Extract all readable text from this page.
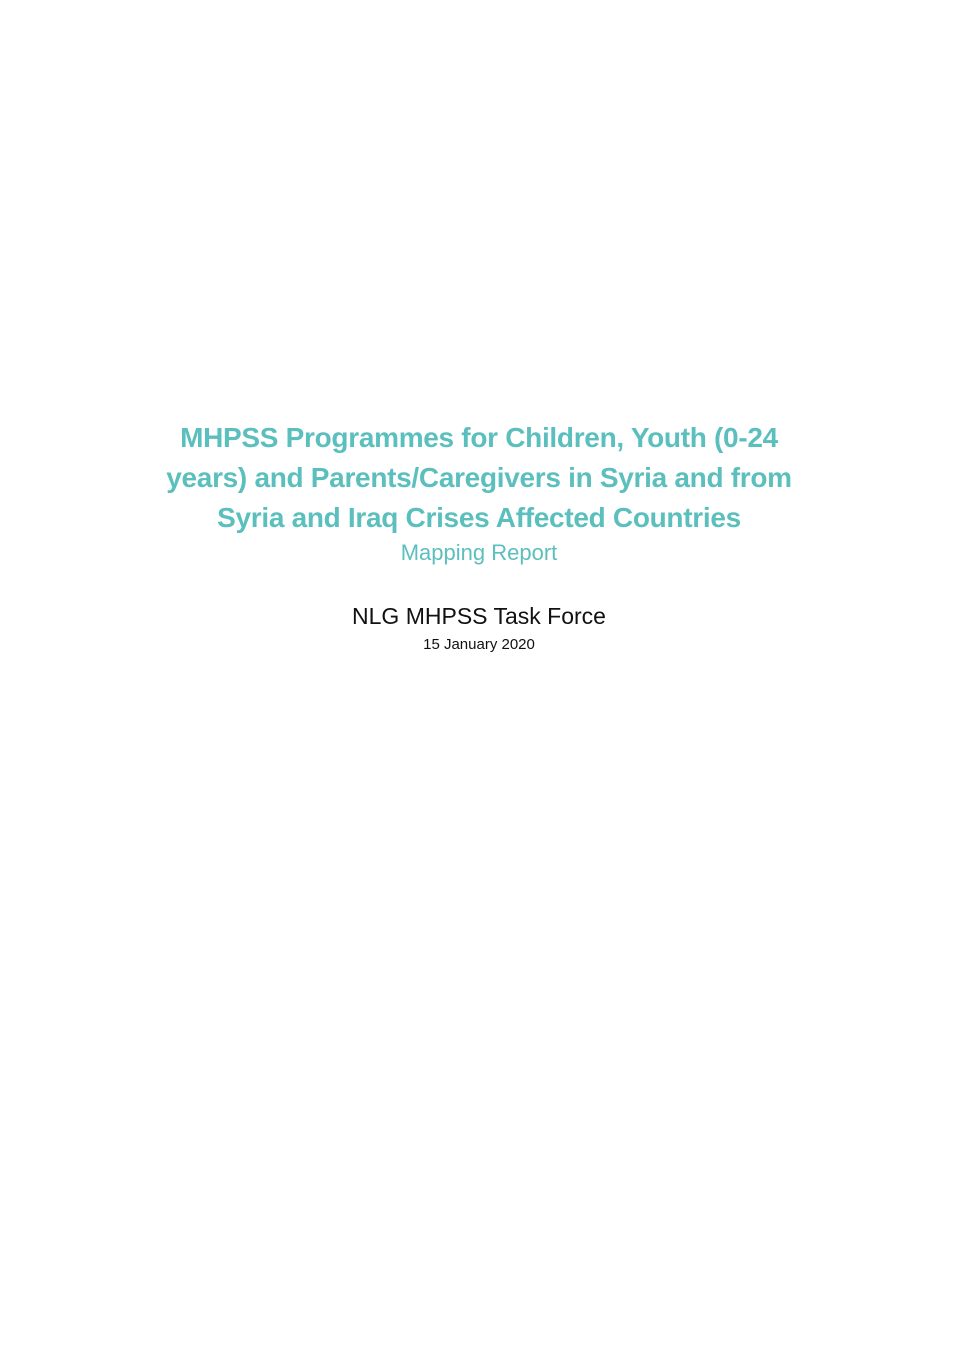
MHPSS Programmes for Children, Youth (0-24
years) and Parents/Caregivers in Syria and from
Syria and Iraq Crises Affected Countries
Mapping Report
NLG MHPSS Task Force
15 January 2020
